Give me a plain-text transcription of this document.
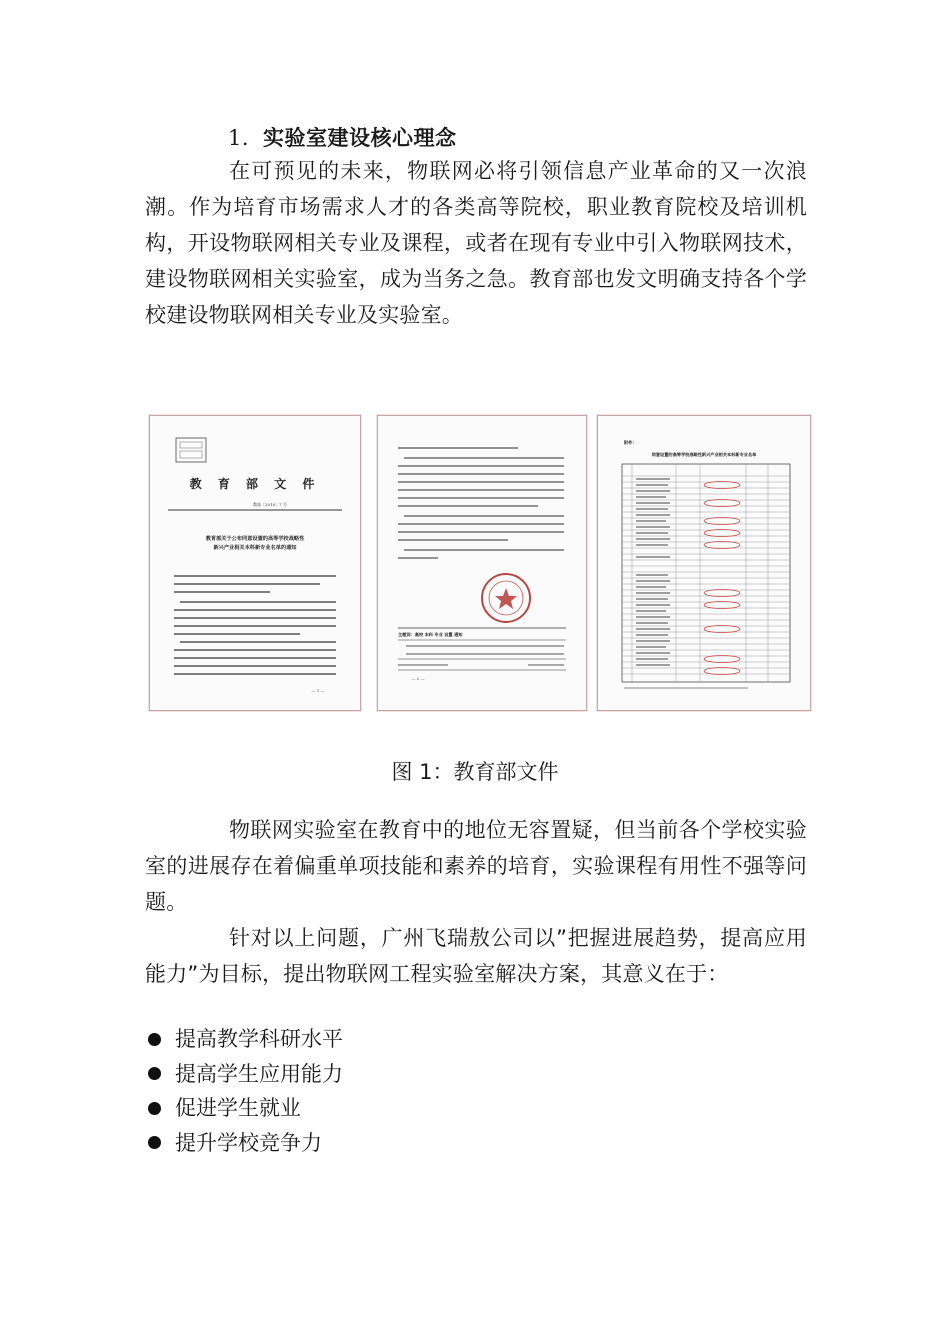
1. 实验室建设核心理念
在可预见的未来，物联网必将引领信息产业革命的又一次浪潮。作为培育市场需求人才的各类高等院校，职业教育院校及培训机构，开设物联网相关专业及课程，或者在现有专业中引入物联网技术，建设物联网相关实验室，成为当务之急。教育部也发文明确支持各个学校建设物联网相关专业及实验室。
教 育 部 文 件
教高［2010］7 号
教育部关于公布同意设置的高等学校战略性
新兴产业相关本科新专业名单的通知
— 1 —
主题词：高校 本科 专业 设置 通知
— 2 —
附件：
同意设置的高等学校战略性新兴产业相关本科新专业名单
图 1：教育部文件
物联网实验室在教育中的地位无容置疑，但当前各个学校实验室的进展存在着偏重单项技能和素养的培育，实验课程有用性不强等问题。
针对以上问题，广州飞瑞敖公司以”把握进展趋势，提高应用能力”为目标，提出物联网工程实验室解决方案，其意义在于：
提高教学科研水平
提高学生应用能力
促进学生就业
提升学校竞争力
